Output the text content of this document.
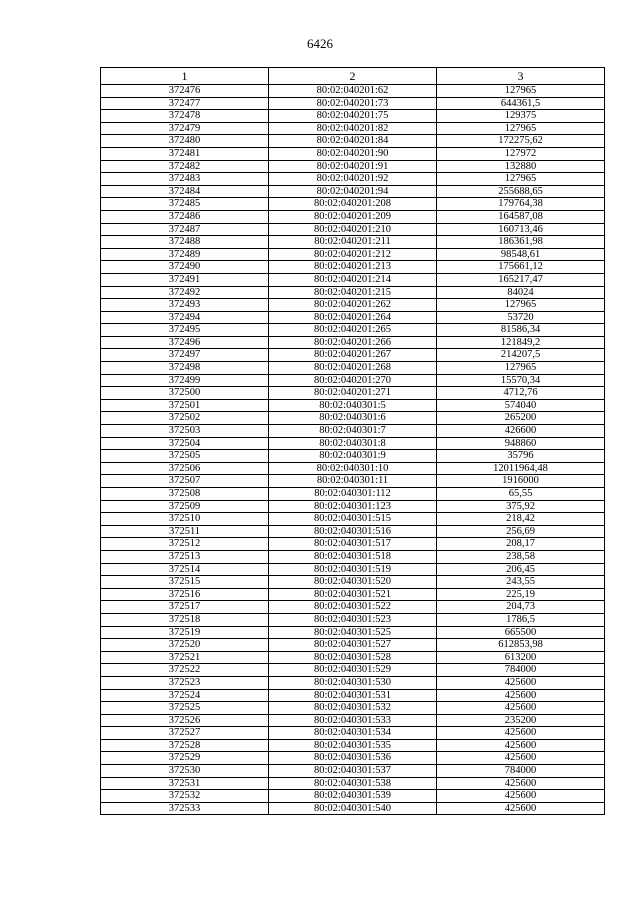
6426
1	2	3
372476	80:02:040201:62	127965
372477	80:02:040201:73	644361,5
372478	80:02:040201:75	129375
372479	80:02:040201:82	127965
372480	80:02:040201:84	172275,62
372481	80:02:040201:90	127972
372482	80:02:040201:91	132880
372483	80:02:040201:92	127965
372484	80:02:040201:94	255688,65
372485	80:02:040201:208	179764,38
372486	80:02:040201:209	164587,08
372487	80:02:040201:210	160713,46
372488	80:02:040201:211	186361,98
372489	80:02:040201:212	98548,61
372490	80:02:040201:213	175661,12
372491	80:02:040201:214	165217,47
372492	80:02:040201:215	84024
372493	80:02:040201:262	127965
372494	80:02:040201:264	53720
372495	80:02:040201:265	81586,34
372496	80:02:040201:266	121849,2
372497	80:02:040201:267	214207,5
372498	80:02:040201:268	127965
372499	80:02:040201:270	15570,34
372500	80:02:040201:271	4712,76
372501	80:02:040301:5	574040
372502	80:02:040301:6	265200
372503	80:02:040301:7	426600
372504	80:02:040301:8	948860
372505	80:02:040301:9	35796
372506	80:02:040301:10	12011964,48
372507	80:02:040301:11	1916000
372508	80:02:040301:112	65,55
372509	80:02:040301:123	375,92
372510	80:02:040301:515	218,42
372511	80:02:040301:516	256,69
372512	80:02:040301:517	208,17
372513	80:02:040301:518	238,58
372514	80:02:040301:519	206,45
372515	80:02:040301:520	243,55
372516	80:02:040301:521	225,19
372517	80:02:040301:522	204,73
372518	80:02:040301:523	1786,5
372519	80:02:040301:525	665500
372520	80:02:040301:527	612853,98
372521	80:02:040301:528	613200
372522	80:02:040301:529	784000
372523	80:02:040301:530	425600
372524	80:02:040301:531	425600
372525	80:02:040301:532	425600
372526	80:02:040301:533	235200
372527	80:02:040301:534	425600
372528	80:02:040301:535	425600
372529	80:02:040301:536	425600
372530	80:02:040301:537	784000
372531	80:02:040301:538	425600
372532	80:02:040301:539	425600
372533	80:02:040301:540	425600
